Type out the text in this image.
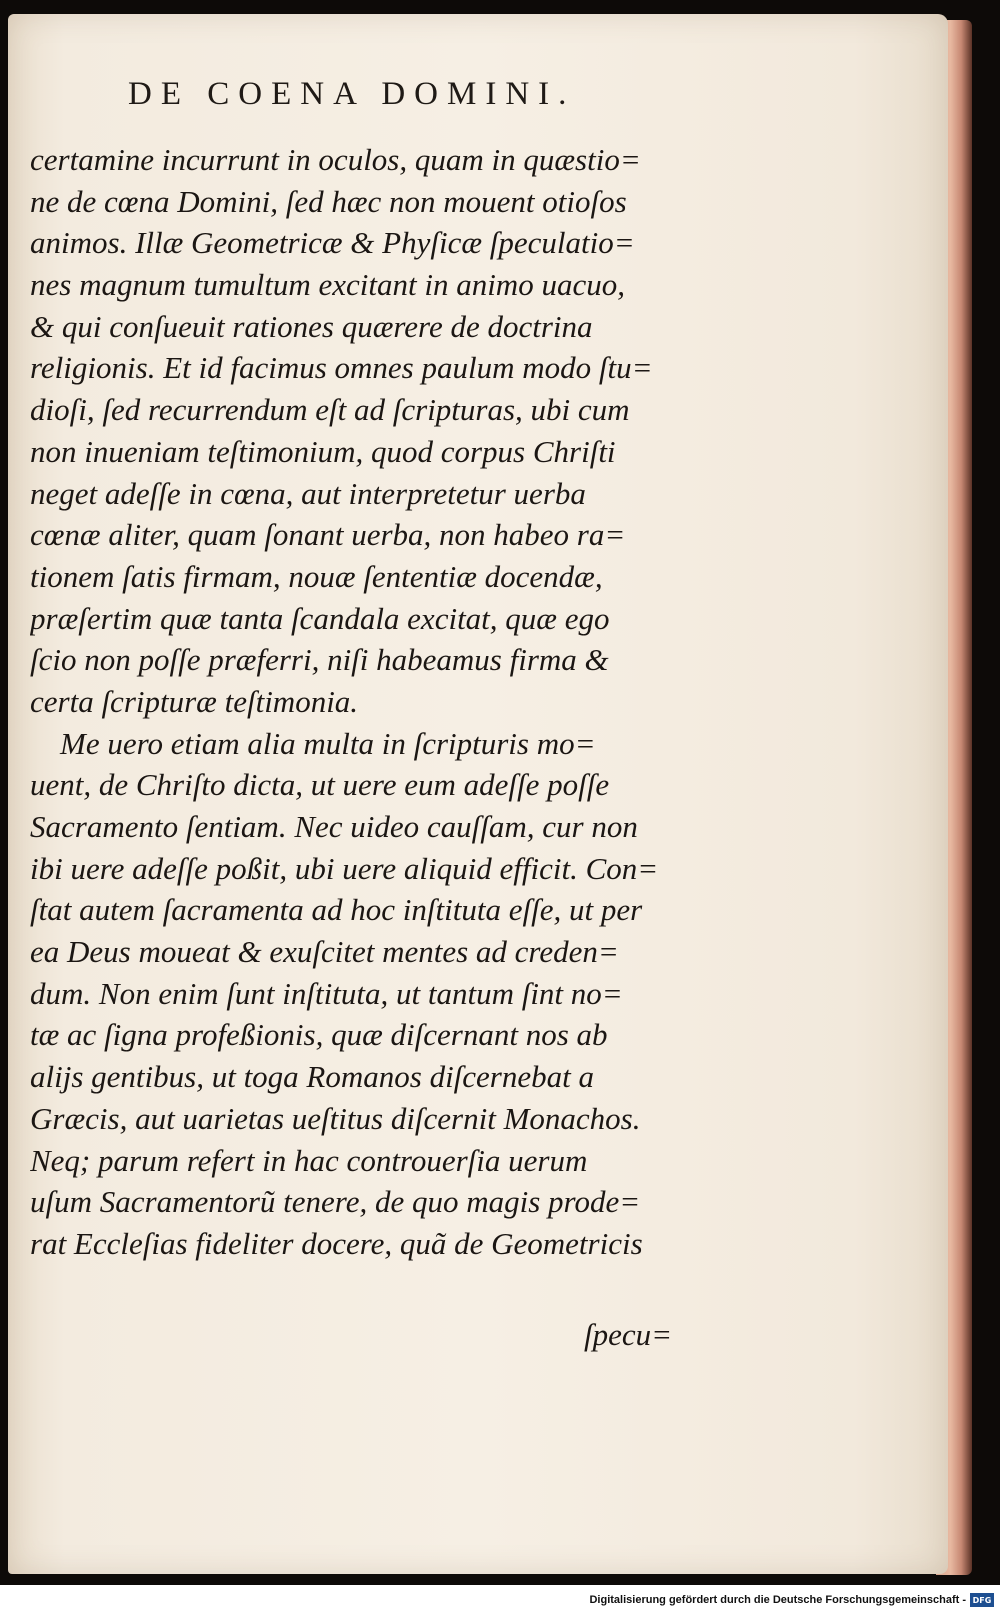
DE COENA DOMINI.
certamine incurrunt in oculos, quam in quæstio=
ne de cœna Domini, ſed hæc non mouent otioſos
animos. Illæ Geometricæ & Phyſicæ ſpeculatio=
nes magnum tumultum excitant in animo uacuo,
& qui conſueuit rationes quærere de doctrina
religionis. Et id facimus omnes paulum modo ſtu=
dioſi, ſed recurrendum eſt ad ſcripturas, ubi cum
non inueniam teſtimonium, quod corpus Chriſti
neget adeſſe in cœna, aut interpretetur uerba
cœnæ aliter, quam ſonant uerba, non habeo ra=
tionem ſatis firmam, nouæ ſententiæ docendæ,
præſertim quæ tanta ſcandala excitat, quæ ego
ſcio non poſſe præferri, niſi habeamus firma &
certa ſcripturæ teſtimonia.
Me uero etiam alia multa in ſcripturis mo=
uent, de Chriſto dicta, ut uere eum adeſſe poſſe
Sacramento ſentiam. Nec uideo cauſſam, cur non
ibi uere adeſſe poßit, ubi uere aliquid efficit. Con=
ſtat autem ſacramenta ad hoc inſtituta eſſe, ut per
ea Deus moueat & exuſcitet mentes ad creden=
dum. Non enim ſunt inſtituta, ut tantum ſint no=
tæ ac ſigna profeßionis, quæ diſcernant nos ab
alijs gentibus, ut toga Romanos diſcernebat a
Græcis, aut uarietas ueſtitus diſcernit Monachos.
Neq; parum refert in hac controuerſia uerum
uſum Sacramentorũ tenere, de quo magis prode=
rat Eccleſias fideliter docere, quã de Geometricis
ſpecu=
Digitalisierung gefördert durch die Deutsche Forschungsgemeinschaft - DFG
